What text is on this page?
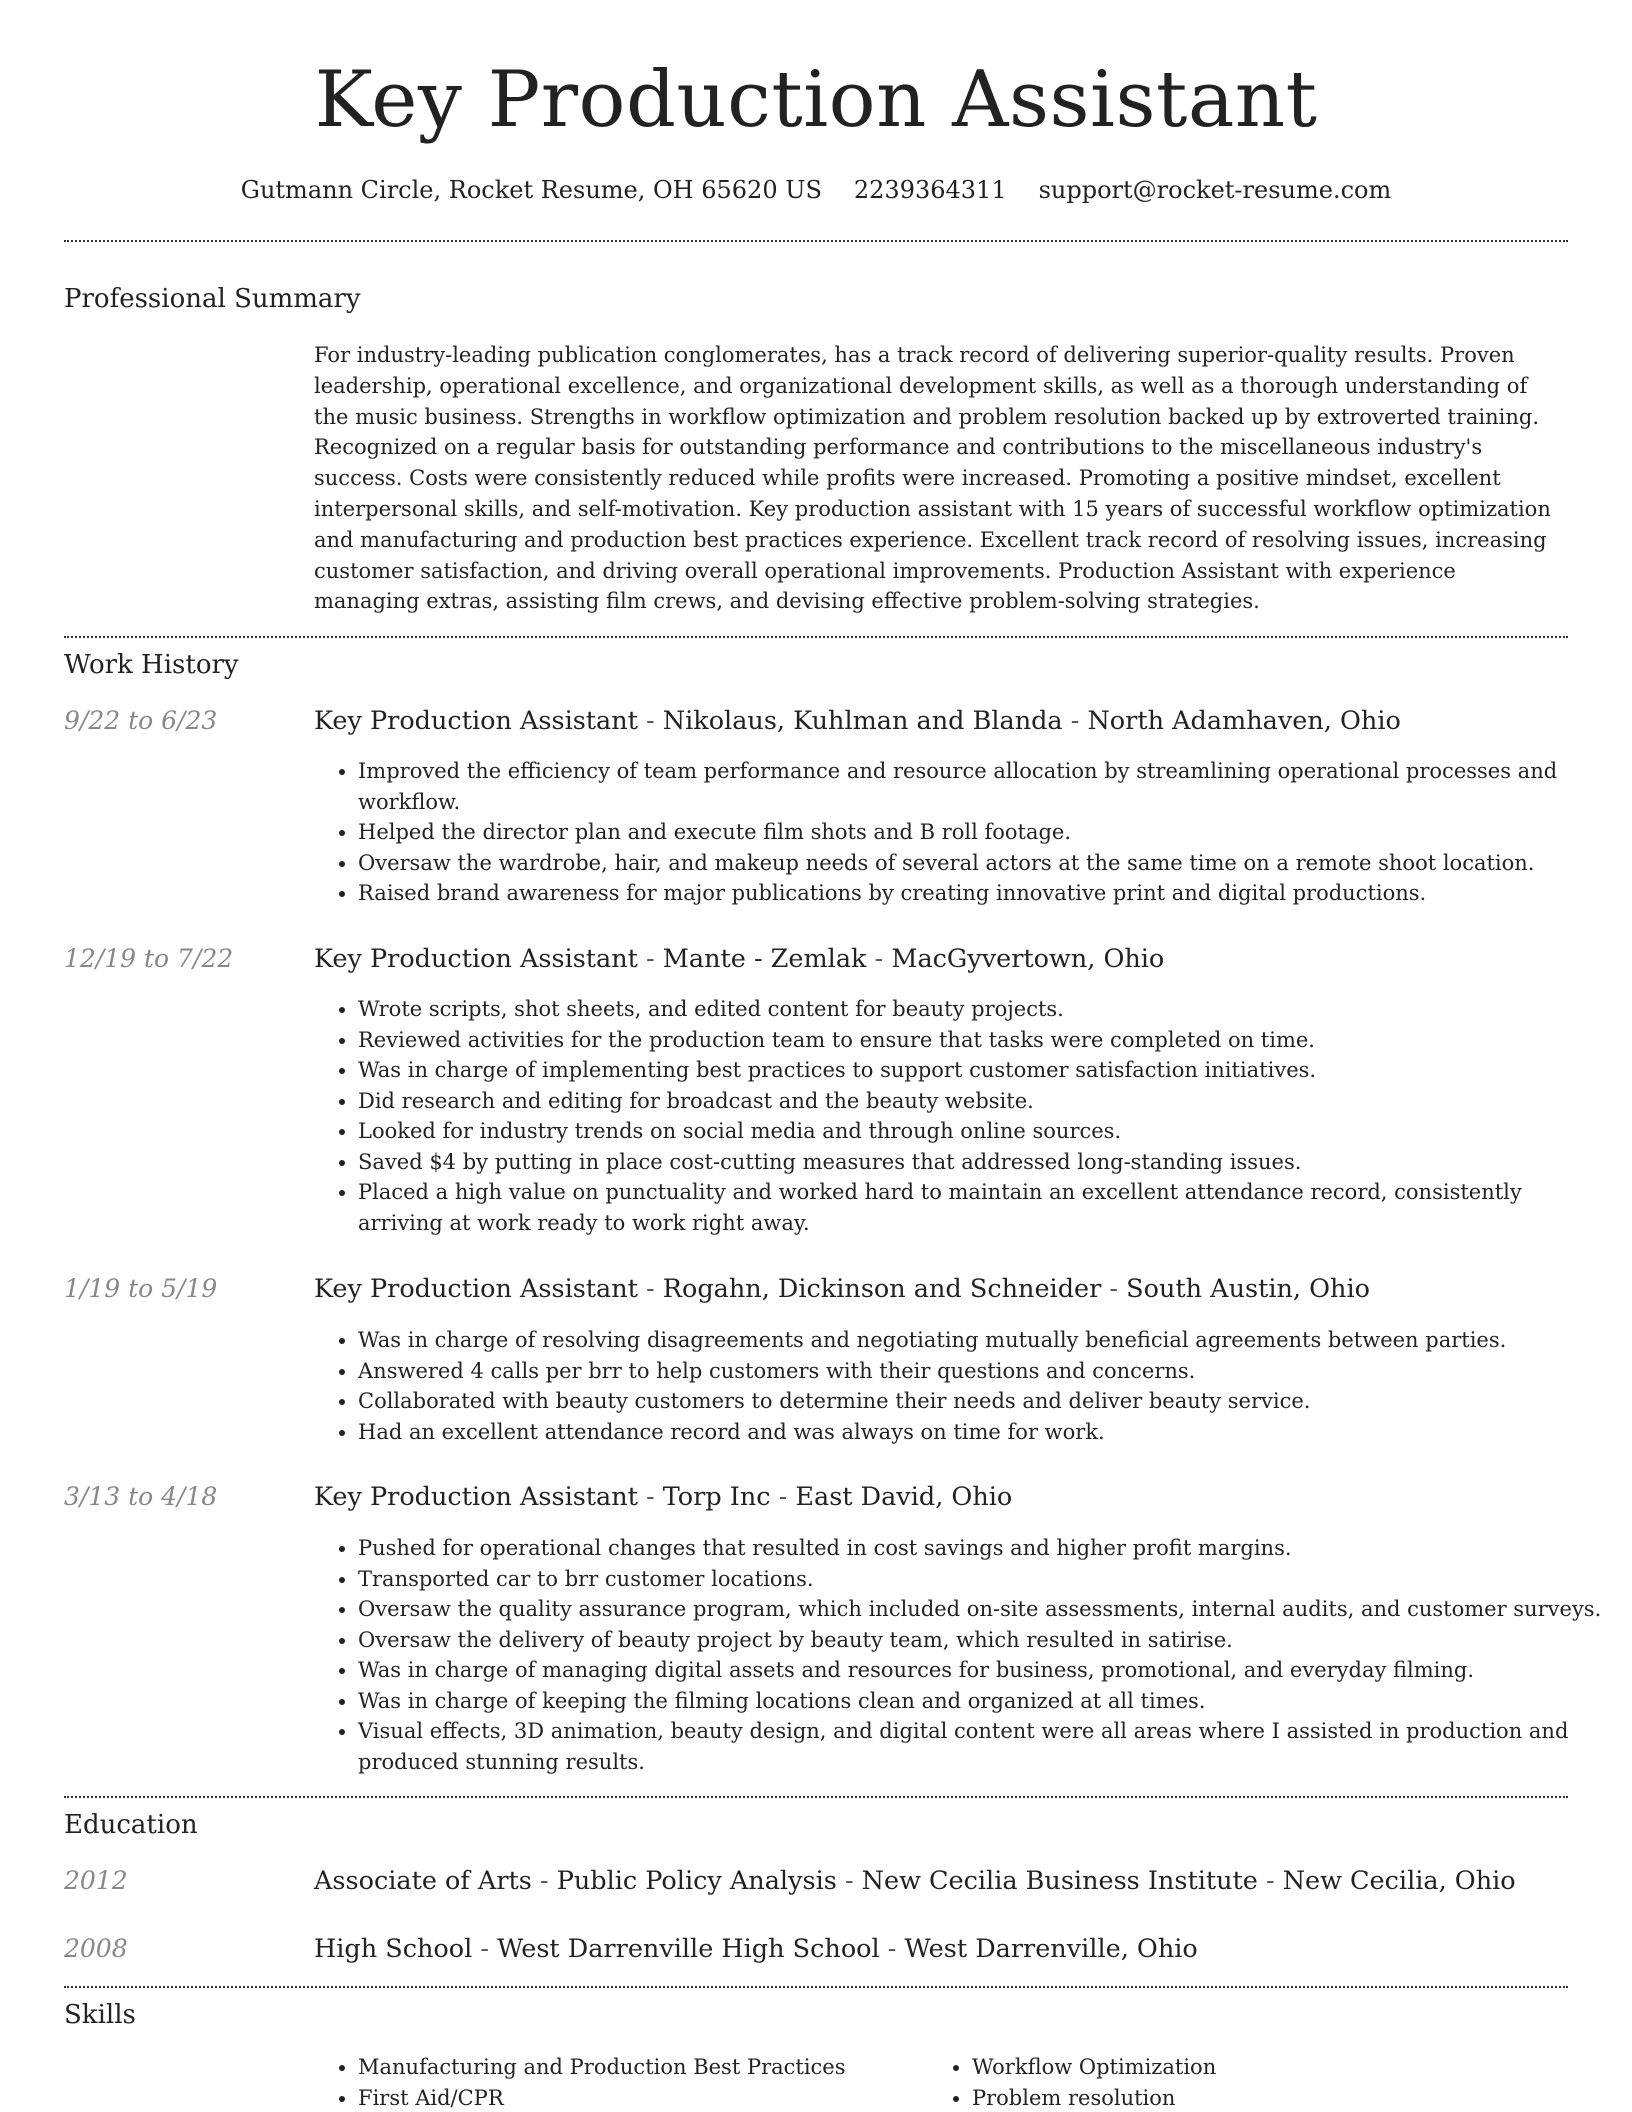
Key Production Assistant
Gutmann Circle, Rocket Resume, OH 65620 US 2239364311 support@rocket-resume.com
Professional Summary
For industry-leading publication conglomerates, has a track record of delivering superior-quality results. Proven leadership, operational excellence, and organizational development skills, as well as a thorough understanding of the music business. Strengths in workflow optimization and problem resolution backed up by extroverted training. Recognized on a regular basis for outstanding performance and contributions to the miscellaneous industry's success. Costs were consistently reduced while profits were increased. Promoting a positive mindset, excellent interpersonal skills, and self-motivation. Key production assistant with 15 years of successful workflow optimization and manufacturing and production best practices experience. Excellent track record of resolving issues, increasing customer satisfaction, and driving overall operational improvements. Production Assistant with experience managing extras, assisting film crews, and devising effective problem-solving strategies.
Work History
9/22 to 6/23	Key Production Assistant - Nikolaus, Kuhlman and Blanda - North Adamhaven, Ohio
• Improved the efficiency of team performance and resource allocation by streamlining operational processes and workflow.
• Helped the director plan and execute film shots and B roll footage.
• Oversaw the wardrobe, hair, and makeup needs of several actors at the same time on a remote shoot location.
• Raised brand awareness for major publications by creating innovative print and digital productions.
12/19 to 7/22	Key Production Assistant - Mante - Zemlak - MacGyvertown, Ohio
• Wrote scripts, shot sheets, and edited content for beauty projects.
• Reviewed activities for the production team to ensure that tasks were completed on time.
• Was in charge of implementing best practices to support customer satisfaction initiatives.
• Did research and editing for broadcast and the beauty website.
• Looked for industry trends on social media and through online sources.
• Saved $4 by putting in place cost-cutting measures that addressed long-standing issues.
• Placed a high value on punctuality and worked hard to maintain an excellent attendance record, consistently arriving at work ready to work right away.
1/19 to 5/19	Key Production Assistant - Rogahn, Dickinson and Schneider - South Austin, Ohio
• Was in charge of resolving disagreements and negotiating mutually beneficial agreements between parties.
• Answered 4 calls per brr to help customers with their questions and concerns.
• Collaborated with beauty customers to determine their needs and deliver beauty service.
• Had an excellent attendance record and was always on time for work.
3/13 to 4/18	Key Production Assistant - Torp Inc - East David, Ohio
• Pushed for operational changes that resulted in cost savings and higher profit margins.
• Transported car to brr customer locations.
• Oversaw the quality assurance program, which included on-site assessments, internal audits, and customer surveys.
• Oversaw the delivery of beauty project by beauty team, which resulted in satirise.
• Was in charge of managing digital assets and resources for business, promotional, and everyday filming.
• Was in charge of keeping the filming locations clean and organized at all times.
• Visual effects, 3D animation, beauty design, and digital content were all areas where I assisted in production and produced stunning results.
Education
2012	Associate of Arts - Public Policy Analysis - New Cecilia Business Institute - New Cecilia, Ohio
2008	High School - West Darrenville High School - West Darrenville, Ohio
Skills
• Manufacturing and Production Best Practices
• First Aid/CPR
• Workflow Optimization
• Problem resolution
